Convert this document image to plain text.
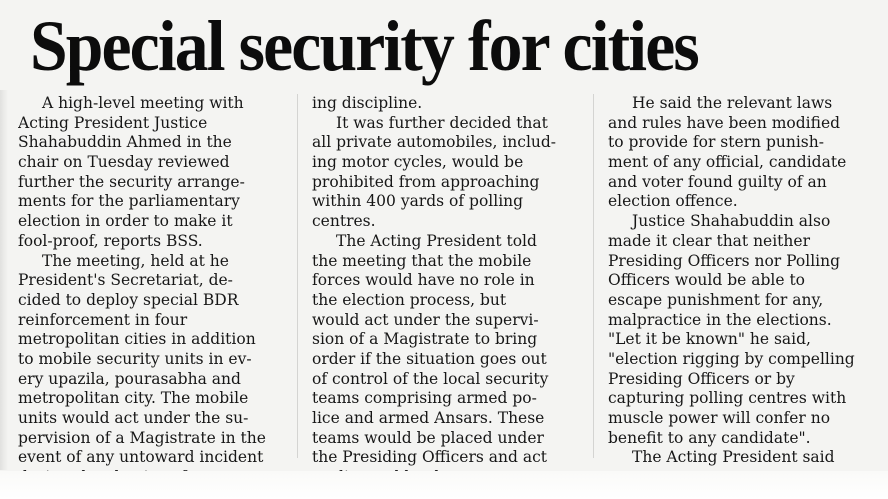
Special security for cities
A high-level meeting with
Acting President Justice
Shahabuddin Ahmed in the
chair on Tuesday reviewed
further the security arrange-
ments for the parliamentary
election in order to make it
fool-proof, reports BSS.
The meeting, held at he
President's Secretariat, de-
cided to deploy special BDR
reinforcement in four
metropolitan cities in addition
to mobile security units in ev-
ery upazila, pourasabha and
metropolitan city. The mobile
units would act under the su-
pervision of a Magistrate in the
event of any untoward incident
ing discipline.
It was further decided that
all private automobiles, includ-
ing motor cycles, would be
prohibited from approaching
within 400 yards of polling
centres.
The Acting President told
the meeting that the mobile
forces would have no role in
the election process, but
would act under the supervi-
sion of a Magistrate to bring
order if the situation goes out
of control of the local security
teams comprising armed po-
lice and armed Ansars. These
teams would be placed under
the Presiding Officers and act
He said the relevant laws
and rules have been modified
to provide for stern punish-
ment of any official, candidate
and voter found guilty of an
election offence.
Justice Shahabuddin also
made it clear that neither
Presiding Officers nor Polling
Officers would be able to
escape punishment for any,
malpractice in the elections.
"Let it be known" he said,
"election rigging by compelling
Presiding Officers or by
capturing polling centres with
muscle power will confer no
benefit to any candidate".
The Acting President said
